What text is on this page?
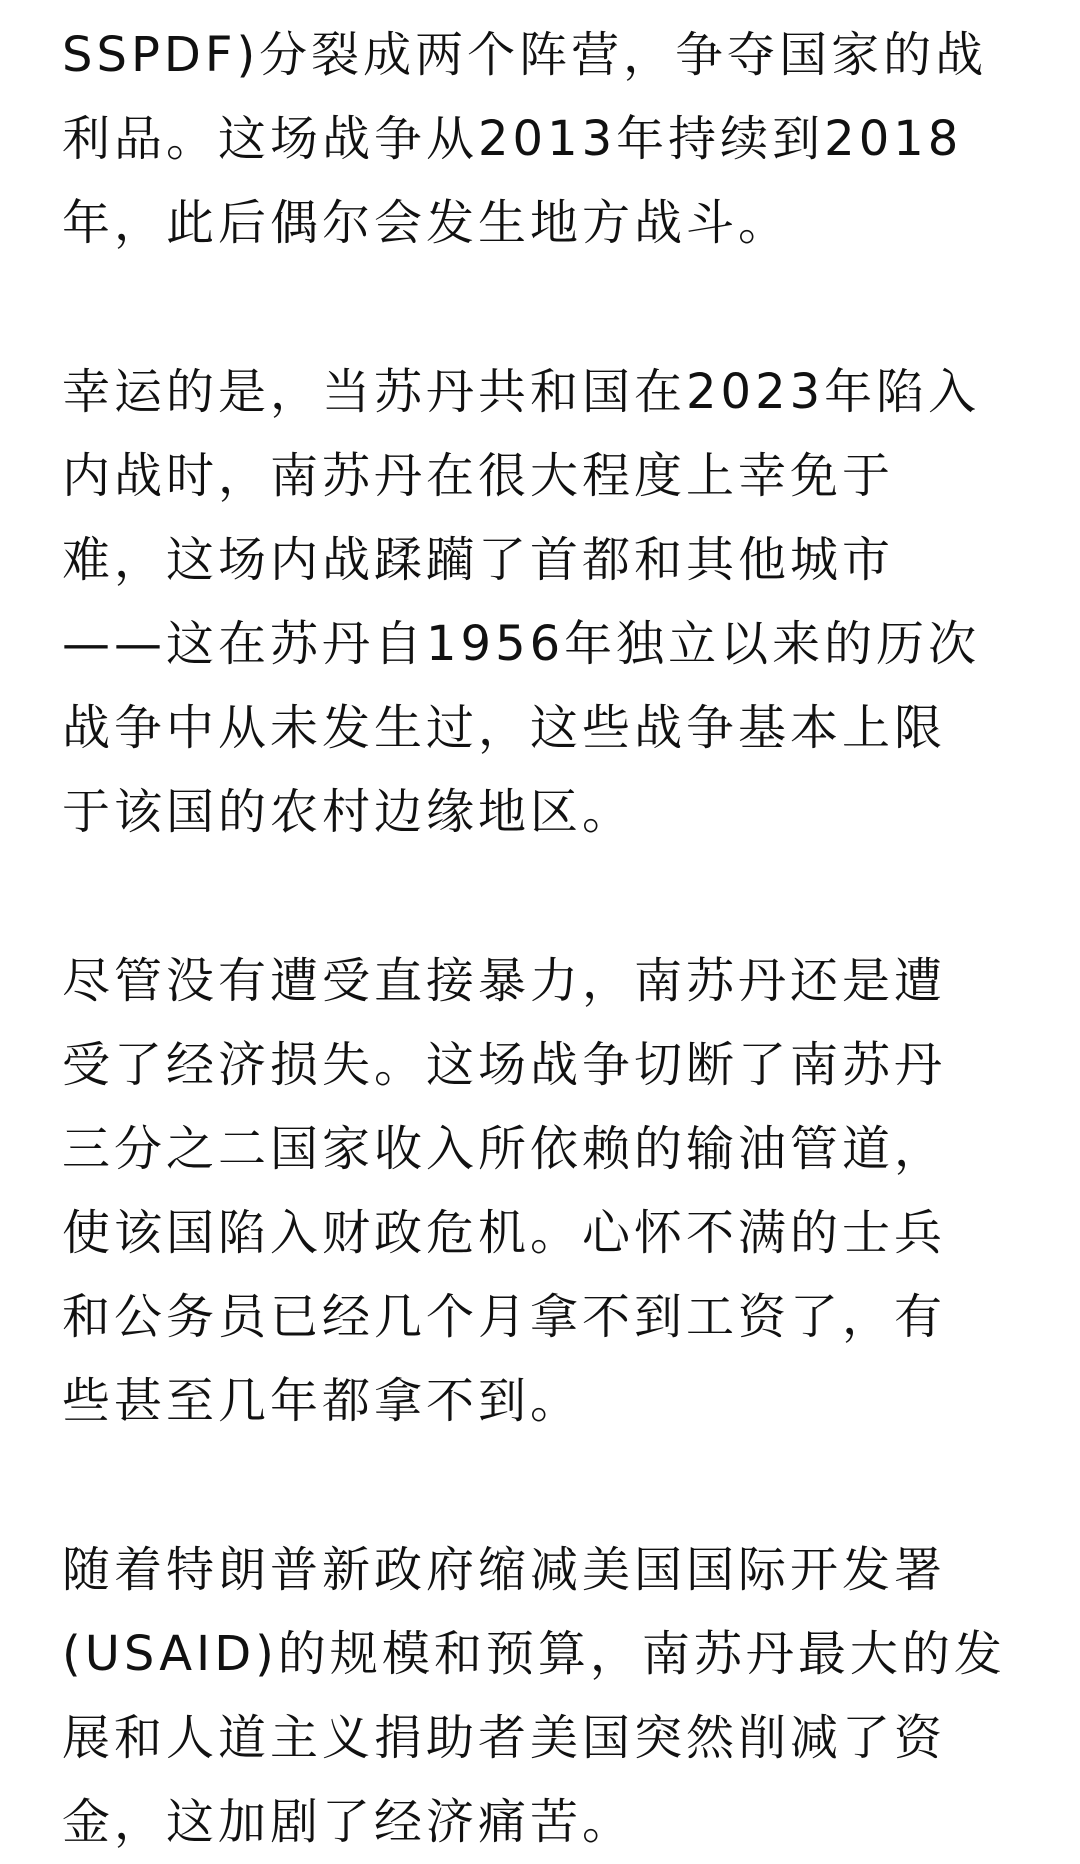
SSPDF)分裂成两个阵营，争夺国家的战
利品。这场战争从2013年持续到2018
年，此后偶尔会发生地方战斗。
幸运的是，当苏丹共和国在2023年陷入
内战时，南苏丹在很大程度上幸免于
难，这场内战蹂躏了首都和其他城市
——这在苏丹自1956年独立以来的历次
战争中从未发生过，这些战争基本上限
于该国的农村边缘地区。
尽管没有遭受直接暴力，南苏丹还是遭
受了经济损失。这场战争切断了南苏丹
三分之二国家收入所依赖的输油管道，
使该国陷入财政危机。心怀不满的士兵
和公务员已经几个月拿不到工资了，有
些甚至几年都拿不到。
随着特朗普新政府缩减美国国际开发署
(USAID)的规模和预算，南苏丹最大的发
展和人道主义捐助者美国突然削减了资
金，这加剧了经济痛苦。
